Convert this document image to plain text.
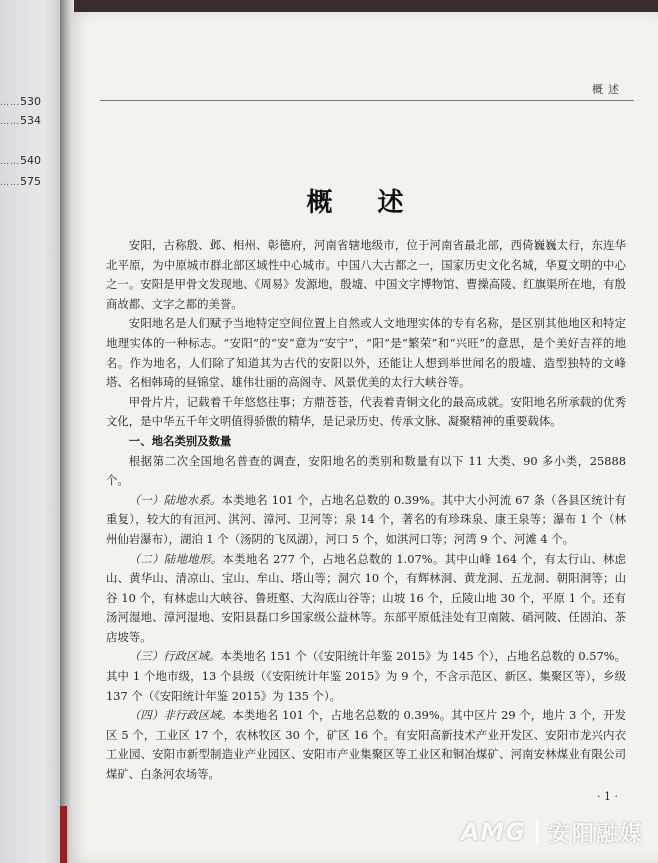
……530
……534
……540
……575
概述
概 述

安阳，古称殷、邺、相州、彰德府，河南省辖地级市，位于河南省最北部，西倚巍巍太行，东连华北平原，为中原城市群北部区域性中心城市。中国八大古都之一，国家历史文化名城，华夏文明的中心之一。安阳是甲骨文发现地、《周易》发源地，殷墟、中国文字博物馆、曹操高陵、红旗渠所在地，有殷商故都、文字之都的美誉。

安阳地名是人们赋予当地特定空间位置上自然或人文地理实体的专有名称，是区别其他地区和特定地理实体的一种标志。“安阳”的“安”意为“安宁”，“阳”是“繁荣”和“兴旺”的意思，是个美好吉祥的地名。作为地名，人们除了知道其为古代的安阳以外，还能让人想到举世闻名的殷墟、造型独特的文峰塔、名相韩琦的昼锦堂、雄伟壮丽的高阁寺、风景优美的太行大峡谷等。

甲骨片片，记载着千年悠悠往事；方鼎苍苍，代表着青铜文化的最高成就。安阳地名所承载的优秀文化，是中华五千年文明值得骄傲的精华，是记录历史、传承文脉、凝聚精神的重要载体。

一、地名类别及数量

根据第二次全国地名普查的调查，安阳地名的类别和数量有以下 11 大类、90 多小类，25888 个。

（一）陆地水系。本类地名 101 个，占地名总数的 0.39%。其中大小河流 67 条（各县区统计有重复），较大的有洹河、淇河、漳河、卫河等；泉 14 个，著名的有珍珠泉、康王泉等；瀑布 1 个（林州仙岩瀑布），湖泊 1 个（汤阴的飞凤湖），河口 5 个，如淇河口等；河湾 9 个、河滩 4 个。

（二）陆地地形。本类地名 277 个，占地名总数的 1.07%。其中山峰 164 个，有太行山、林虑山、黄华山、清凉山、宝山、牟山、塔山等；洞穴 10 个，有辉林洞、黄龙洞、五龙洞、朝阳洞等；山谷 10 个，有林虑山大峡谷、鲁班壑、大沟底山谷等；山坡 16 个，丘陵山地 30 个，平原 1 个。还有汤河湿地、漳河湿地、安阳县磊口乡国家级公益林等。东部平原低洼处有卫南陂、硝河陂、任固泊、茶店坡等。

（三）行政区域。本类地名 151 个（《安阳统计年鉴 2015》为 145 个），占地名总数的 0.57%。其中 1 个地市级，13 个县级（《安阳统计年鉴 2015》为 9 个，不含示范区、新区、集聚区等），乡级 137 个（《安阳统计年鉴 2015》为 135 个）。

（四）非行政区域。本类地名 101 个，占地名总数的 0.39%。其中区片 29 个，地片 3 个，开发区 5 个，工业区 17 个，农林牧区 30 个，矿区 16 个。有安阳高新技术产业开发区、安阳市龙兴内衣工业园、安阳市新型制造业产业园区、安阳市产业集聚区等工业区和铜冶煤矿、河南安林煤业有限公司煤矿、白条河农场等。

· 1 ·
AMG 安阳融媒
